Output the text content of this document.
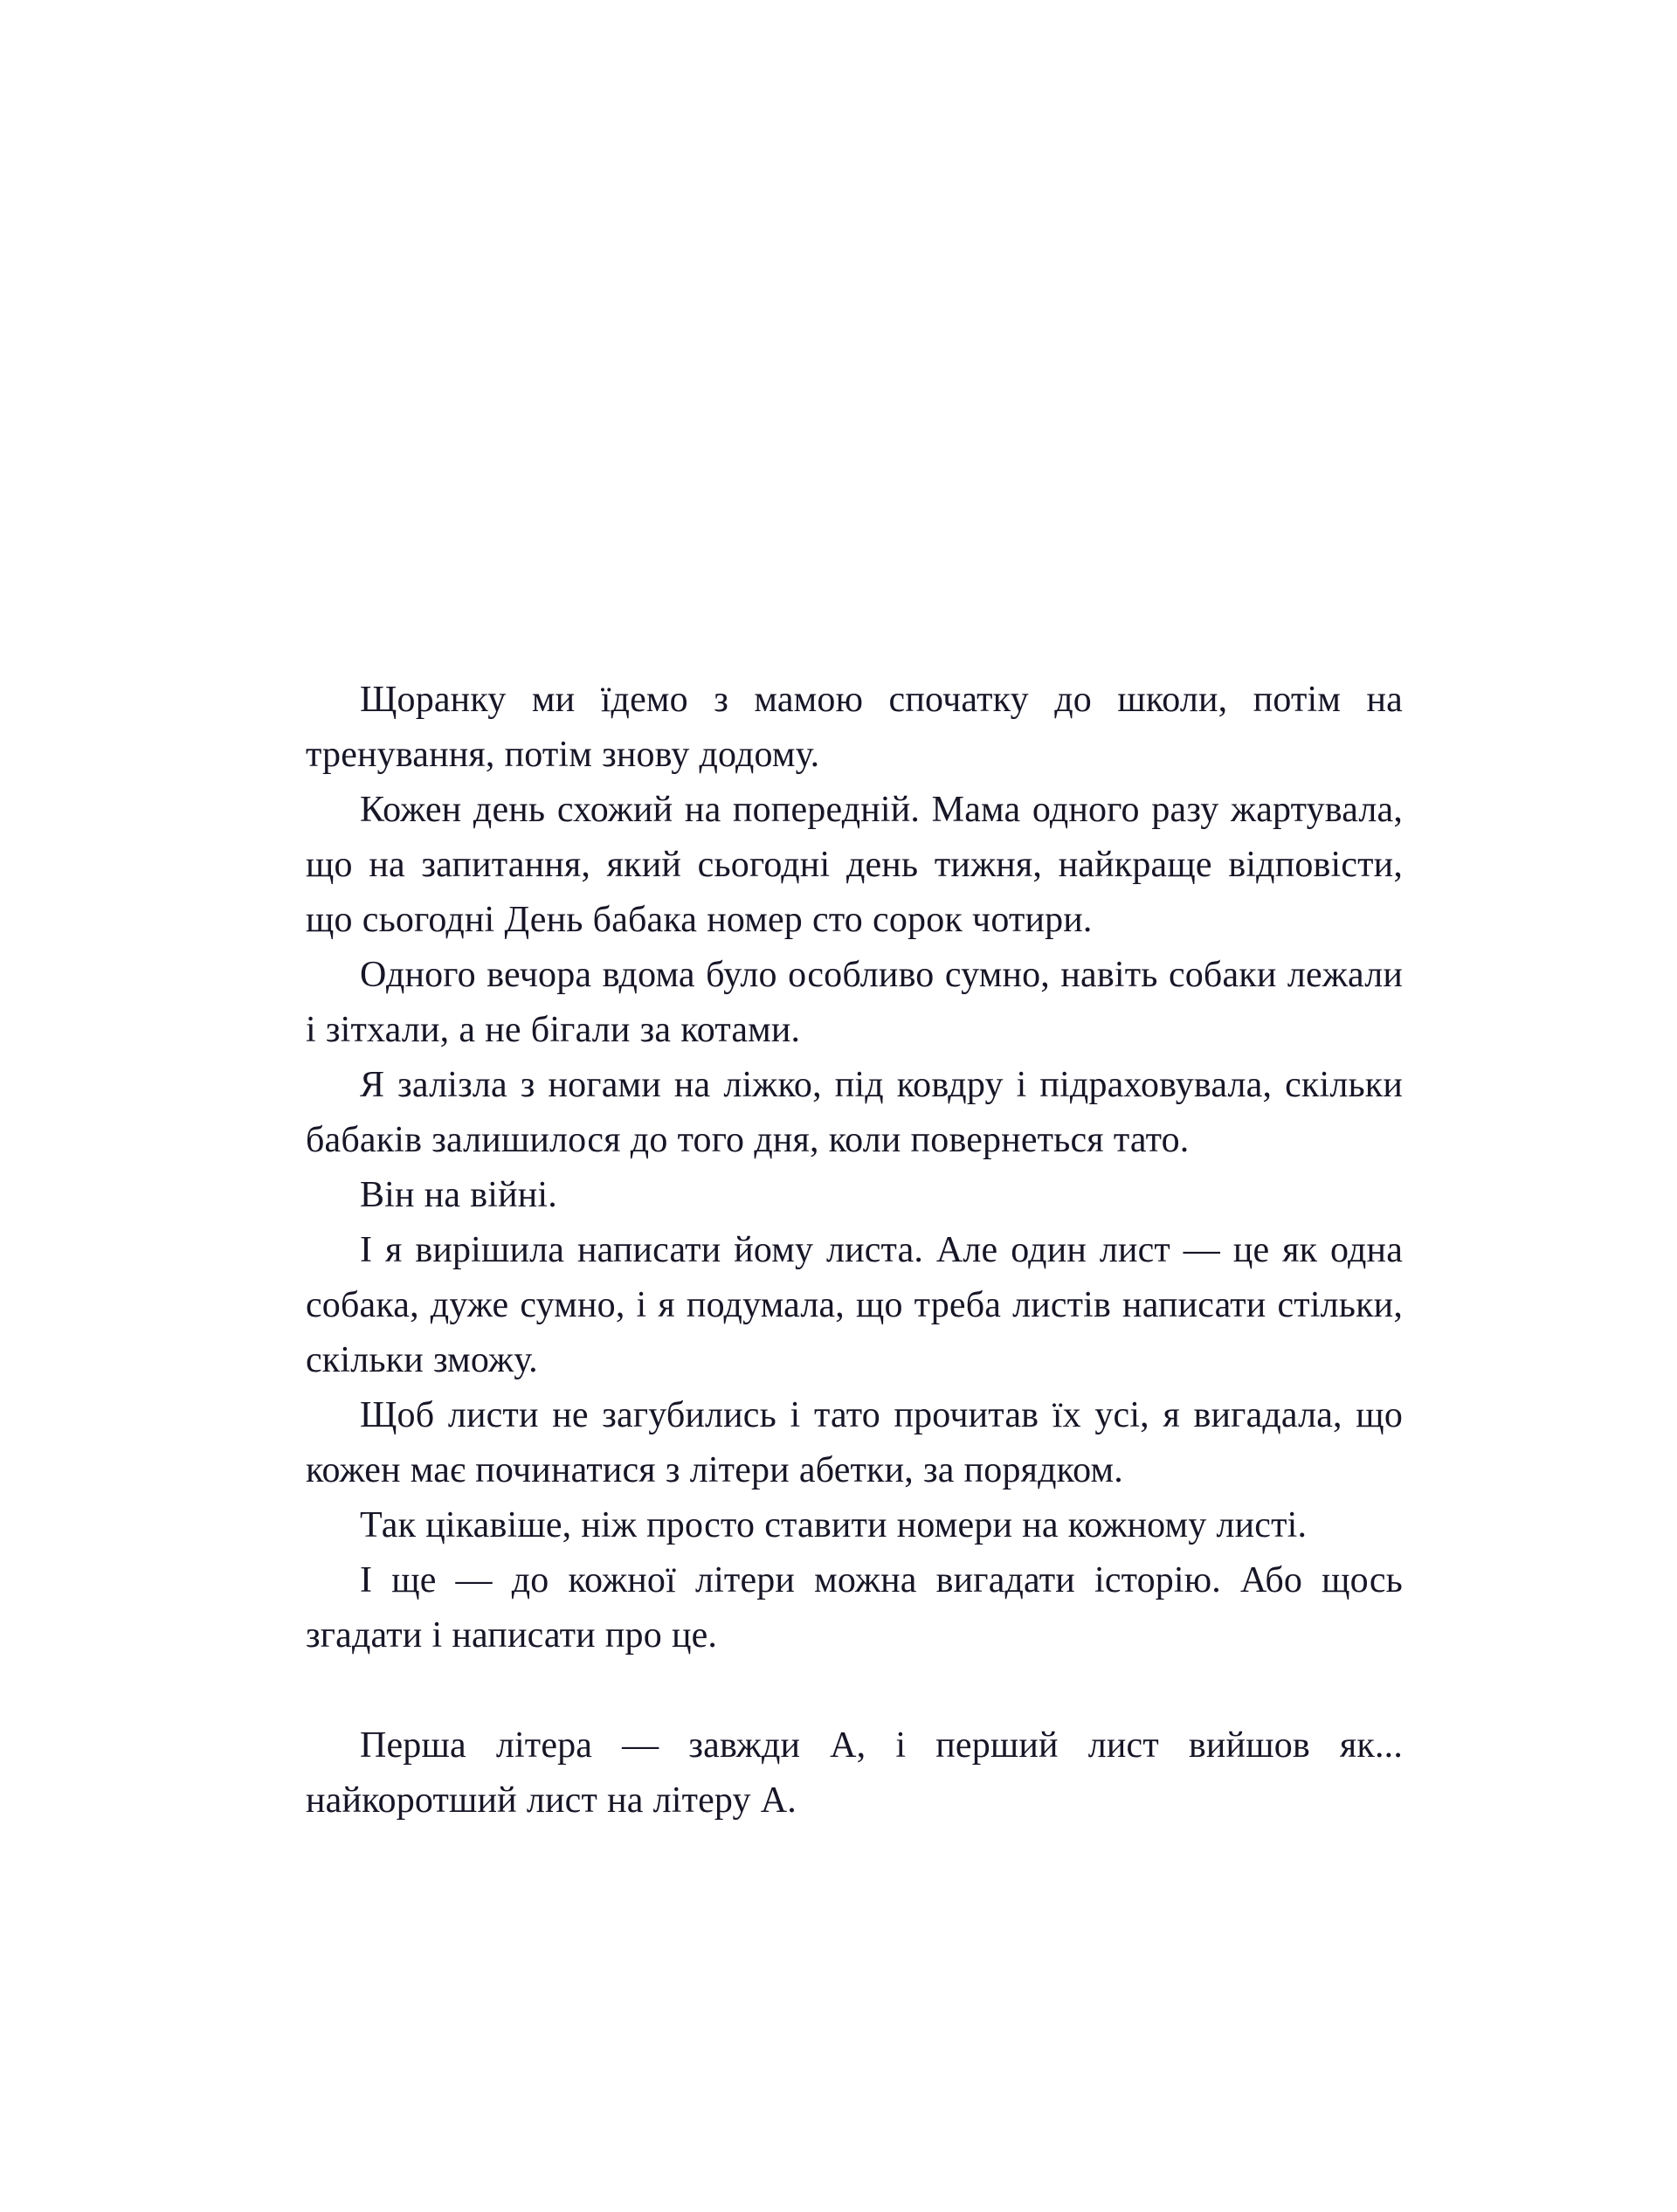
Щоранку ми їдемо з мамою спочатку до школи, потім на тренування, потім знову додому.

Кожен день схожий на попередній. Мама одного разу жартувала, що на запитання, який сьогодні день тижня, найкраще відповісти, що сьогодні День бабака номер сто сорок чотири.

Одного вечора вдома було особливо сумно, навіть собаки лежали і зітхали, а не бігали за котами.

Я залізла з ногами на ліжко, під ковдру і підраховувала, скільки бабаків залишилося до того дня, коли повернеться тато.

Він на війні.

І я вирішила написати йому листа. Але один лист — це як одна собака, дуже сумно, і я подумала, що треба листів написати стільки, скільки зможу.

Щоб листи не загубились і тато прочитав їх усі, я вигадала, що кожен має починатися з літери абетки, за порядком.

Так цікавіше, ніж просто ставити номери на кожному листі.

І ще — до кожної літери можна вигадати історію. Або щось згадати і написати про це.

Перша літера — завжди А, і перший лист вийшов як... найкоротший лист на літеру А.
